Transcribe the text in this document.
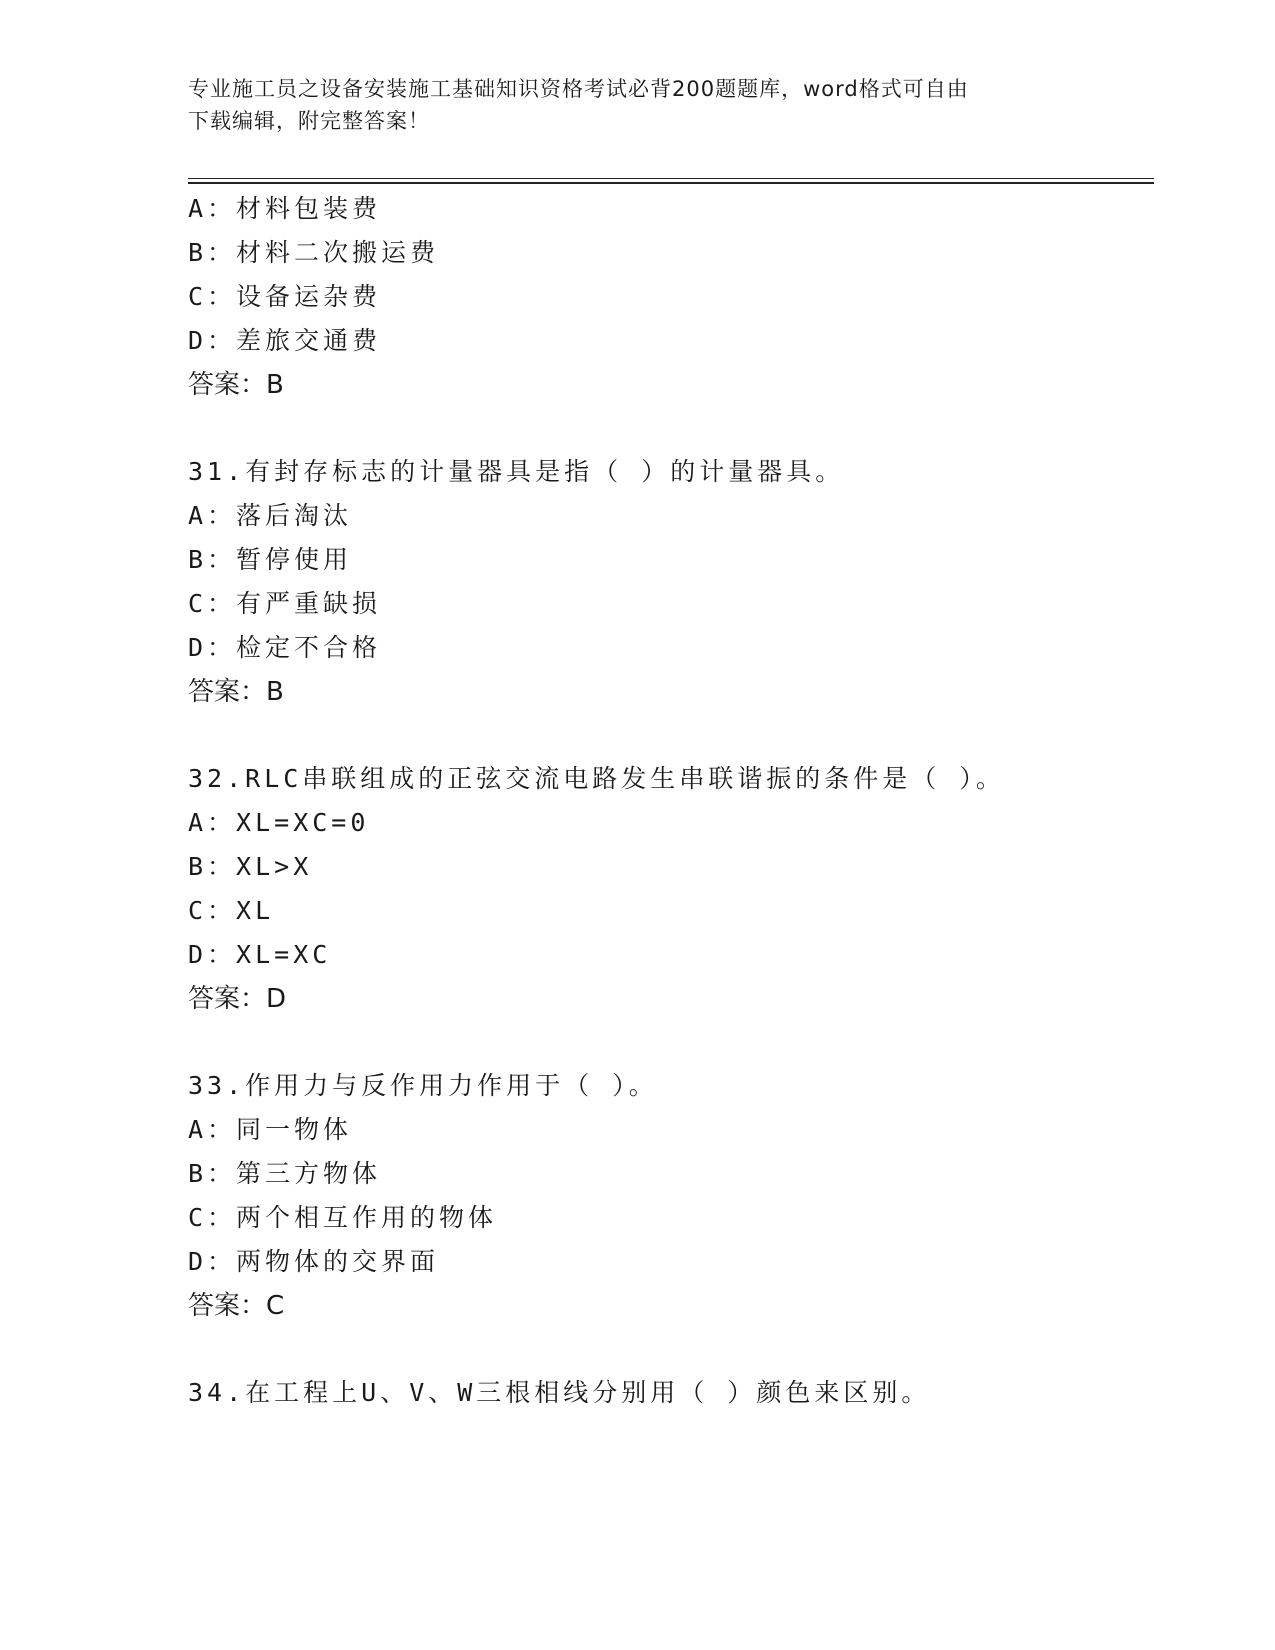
专业施工员之设备安装施工基础知识资格考试必背200题题库，word格式可自由
下载编辑，附完整答案！
A：材料包装费
B：材料二次搬运费
C：设备运杂费
D：差旅交通费
答案：B
31.有封存标志的计量器具是指（ ）的计量器具。
A：落后淘汰
B：暂停使用
C：有严重缺损
D：检定不合格
答案：B
32.RLC串联组成的正弦交流电路发生串联谐振的条件是（ ）。
A：XL=XC=0
B：XL>X
C：XL
D：XL=XC
答案：D
33.作用力与反作用力作用于（ ）。
A：同一物体
B：第三方物体
C：两个相互作用的物体
D：两物体的交界面
答案：C
34.在工程上U、V、W三根相线分别用（ ）颜色来区别。
